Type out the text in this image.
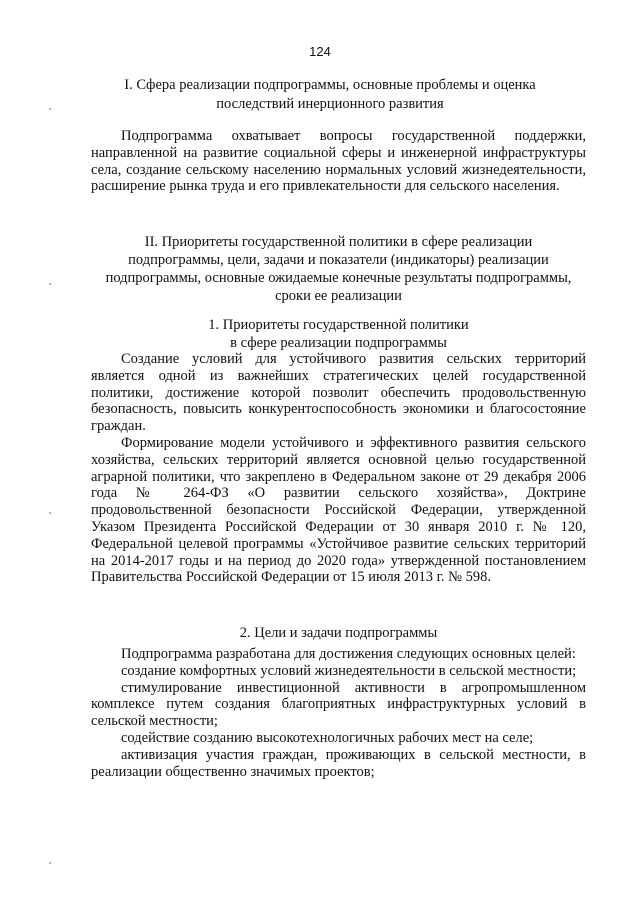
124
I. Сфера реализации подпрограммы, основные проблемы и оценка
последствий инерционного развития

Подпрограмма охватывает вопросы государственной поддержки, направленной на развитие социальной сферы и инженерной инфраструктуры села, создание сельскому населению нормальных условий жизнедеятельности, расширение рынка труда и его привлекательности для сельского населения.

II. Приоритеты государственной политики в сфере реализации
подпрограммы, цели, задачи и показатели (индикаторы) реализации
подпрограммы, основные ожидаемые конечные результаты подпрограммы,
сроки ее реализации
1. Приоритеты государственной политики
в сфере реализации подпрограммы

Создание условий для устойчивого развития сельских территорий является одной из важнейших стратегических целей государственной политики, достижение которой позволит обеспечить продовольственную безопасность, повысить конкурентоспособность экономики и благосостояние граждан.

Формирование модели устойчивого и эффективного развития сельского хозяйства, сельских территорий является основной целью государственной аграрной политики, что закреплено в Федеральном законе от 29 декабря 2006 года № 264-ФЗ «О развитии сельского хозяйства», Доктрине продовольственной безопасности Российской Федерации, утвержденной Указом Президента Российской Федерации от 30 января 2010 г. № 120, Федеральной целевой программы «Устойчивое развитие сельских территорий на 2014-2017 годы и на период до 2020 года» утвержденной постановлением Правительства Российской Федерации от 15 июля 2013 г. № 598.

2. Цели и задачи подпрограммы

Подпрограмма разработана для достижения следующих основных целей:

создание комфортных условий жизнедеятельности в сельской местности;

стимулирование инвестиционной активности в агропромышленном комплексе путем создания благоприятных инфраструктурных условий в сельской местности;

содействие созданию высокотехнологичных рабочих мест на селе;

активизация участия граждан, проживающих в сельской местности, в реализации общественно значимых проектов;
